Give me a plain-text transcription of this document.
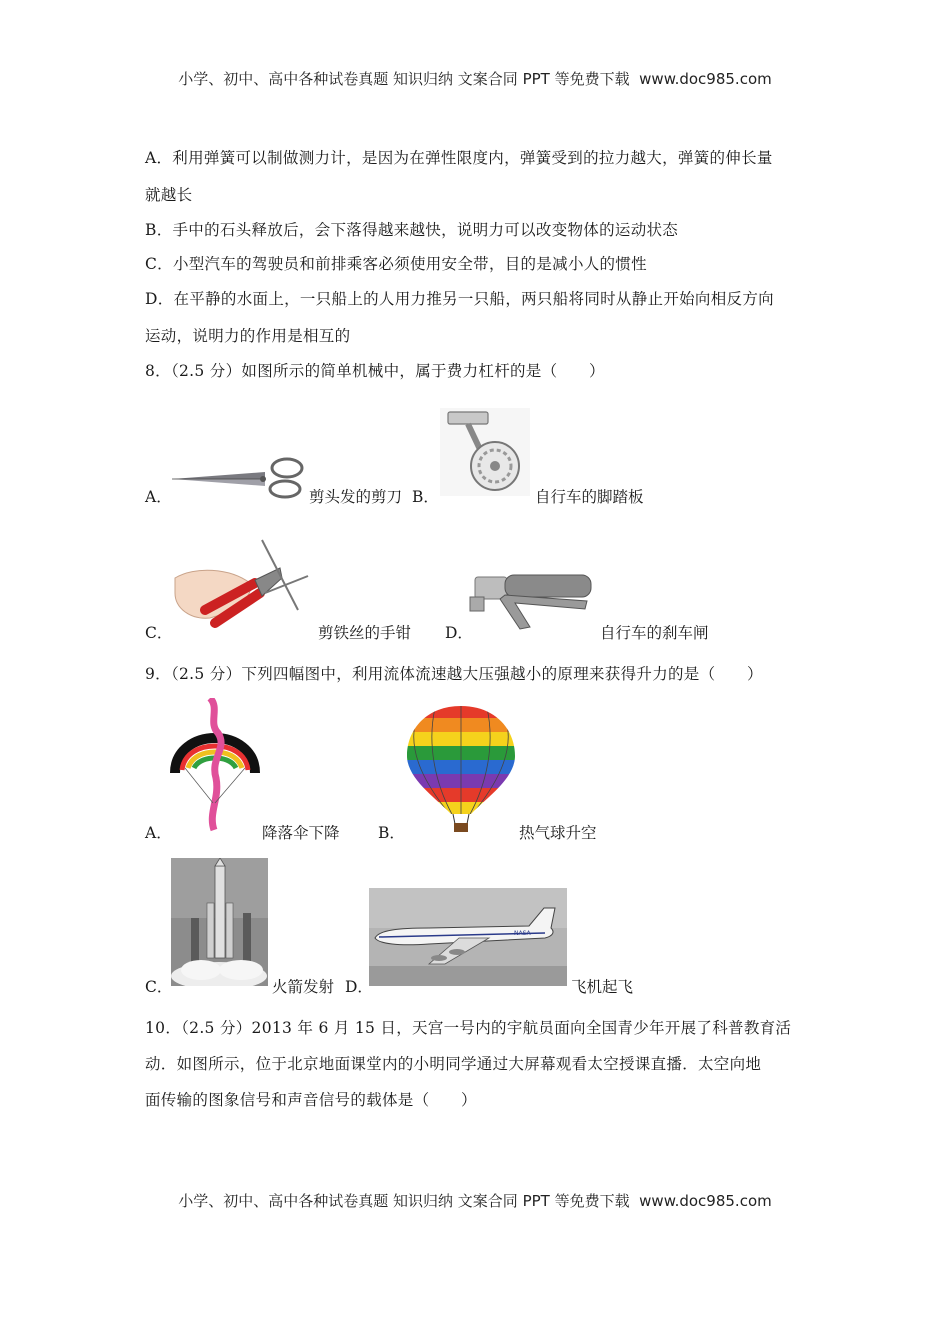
小学、初中、高中各种试卷真题 知识归纳 文案合同 PPT 等免费下载 www.doc985.com
A．利用弹簧可以制做测力计，是因为在弹性限度内，弹簧受到的拉力越大，弹簧的伸长量
就越长
B．手中的石头释放后，会下落得越来越快，说明力可以改变物体的运动状态
C．小型汽车的驾驶员和前排乘客必须使用安全带，目的是减小人的惯性
D．在平静的水面上，一只船上的人用力推另一只船，两只船将同时从静止开始向相反方向
运动，说明力的作用是相互的
8．（2.5 分）如图所示的简单机械中，属于费力杠杆的是（　　）
A．	剪头发的剪刀 B．	自行车的脚踏板
C．	剪铁丝的手钳 D．	自行车的刹车闸
9．（2.5 分）下列四幅图中，利用流体流速越大压强越小的原理来获得升力的是（　　）
A．	降落伞下降 B．	热气球升空
C．	火箭发射
NASA
D．	飞机起飞
10．（2.5 分）2013 年 6 月 15 日，天宫一号内的宇航员面向全国青少年开展了科普教育活
动．如图所示，位于北京地面课堂内的小明同学通过大屏幕观看太空授课直播．太空向地
面传输的图象信号和声音信号的载体是（　　）
小学、初中、高中各种试卷真题 知识归纳 文案合同 PPT 等免费下载 www.doc985.com
